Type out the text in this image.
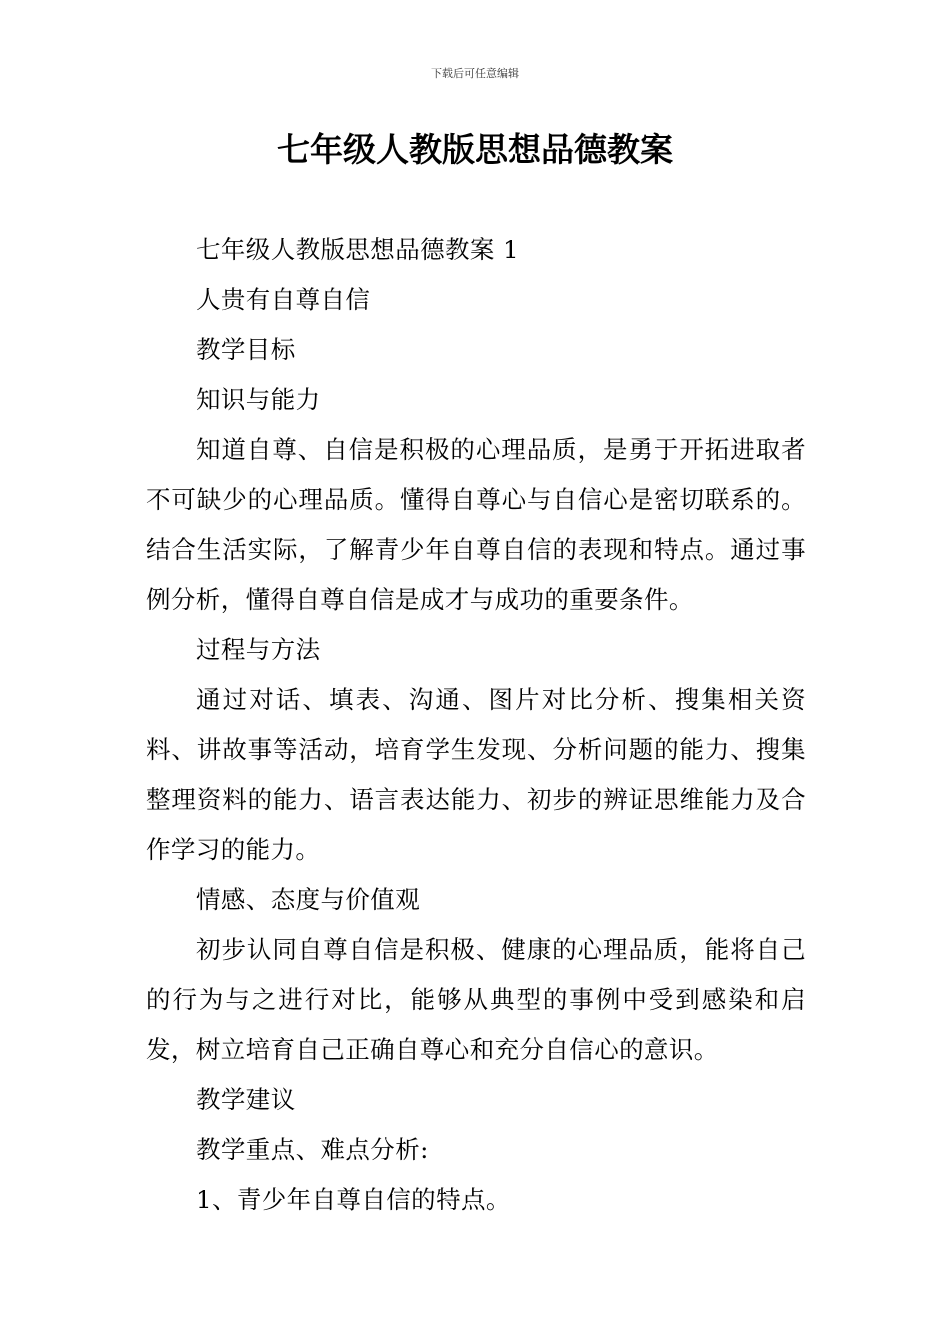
下载后可任意编辑
七年级人教版思想品德教案

七年级人教版思想品德教案 1

人贵有自尊自信

教学目标

知识与能力

知道自尊、自信是积极的心理品质，是勇于开拓进取者不可缺少的心理品质。懂得自尊心与自信心是密切联系的。结合生活实际，了解青少年自尊自信的表现和特点。通过事例分析，懂得自尊自信是成才与成功的重要条件。

过程与方法

通过对话、填表、沟通、图片对比分析、搜集相关资料、讲故事等活动，培育学生发现、分析问题的能力、搜集整理资料的能力、语言表达能力、初步的辨证思维能力及合作学习的能力。

情感、态度与价值观

初步认同自尊自信是积极、健康的心理品质，能将自己的行为与之进行对比，能够从典型的事例中受到感染和启发，树立培育自己正确自尊心和充分自信心的意识。

教学建议

教学重点、难点分析:

1、青少年自尊自信的特点。
